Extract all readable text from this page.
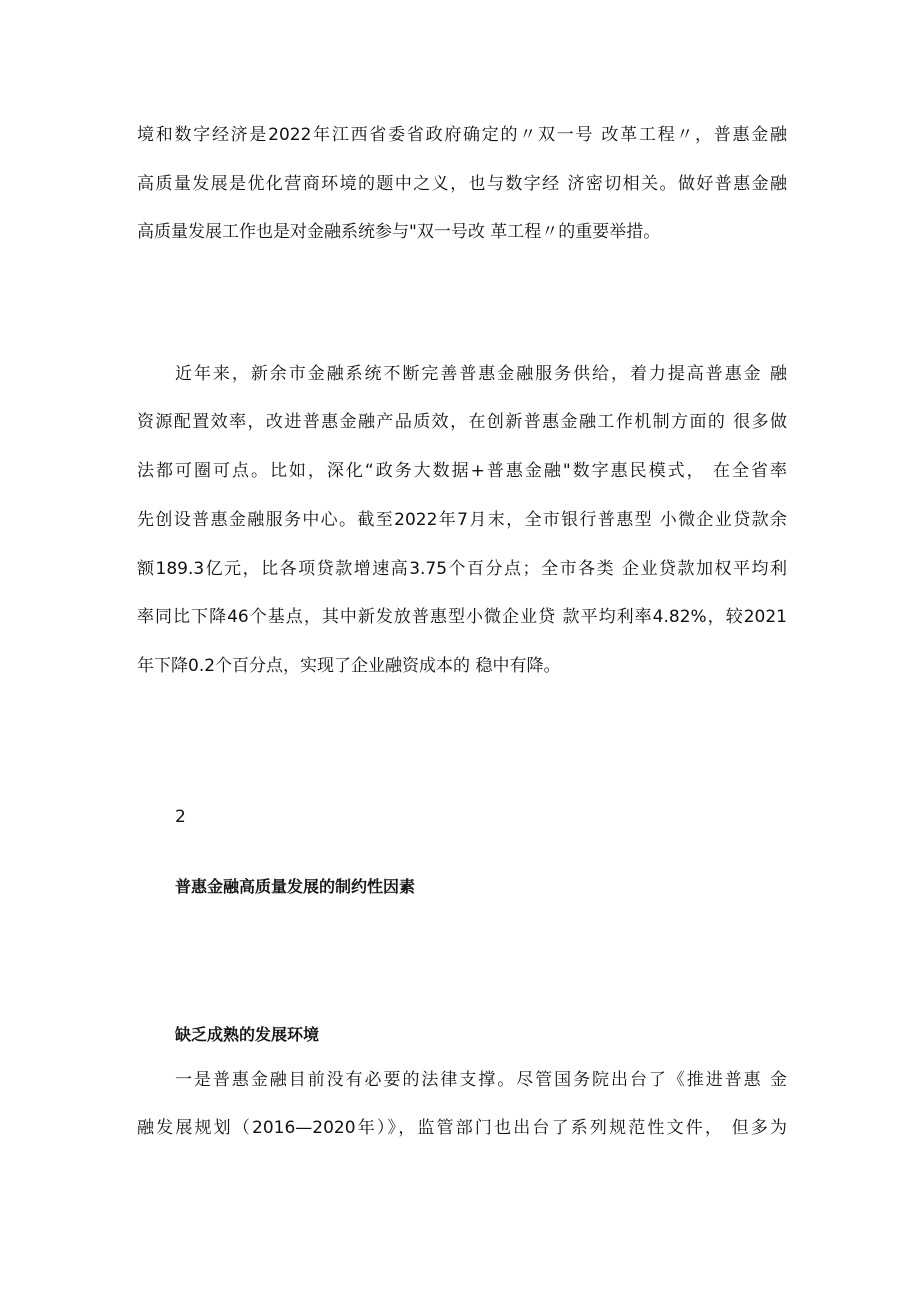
境和数字经济是2022年江西省委省政府确定的〃双一号 改革工程〃，普惠金融
高质量发展是优化营商环境的题中之义，也与数字经 济密切相关。做好普惠金融
高质量发展工作也是对金融系统参与"双一号改 革工程〃的重要举措。
近年来，新余市金融系统不断完善普惠金融服务供给，着力提高普惠金 融
资源配置效率，改进普惠金融产品质效，在创新普惠金融工作机制方面的 很多做
法都可圈可点。比如，深化“政务大数据+普惠金融"数字惠民模式， 在全省率
先创设普惠金融服务中心。截至2022年7月末，全市银行普惠型 小微企业贷款余
额189.3亿元，比各项贷款增速高3.75个百分点；全市各类 企业贷款加权平均利
率同比下降46个基点，其中新发放普惠型小微企业贷 款平均利率4.82%，较2021
年下降0.2个百分点，实现了企业融资成本的 稳中有降。
2
普惠金融高质量发展的制约性因素
缺乏成熟的发展环境
一是普惠金融目前没有必要的法律支撑。尽管国务院出台了《推进普惠 金
融发展规划（2016—2020年）》，监管部门也出台了系列规范性文件， 但多为
